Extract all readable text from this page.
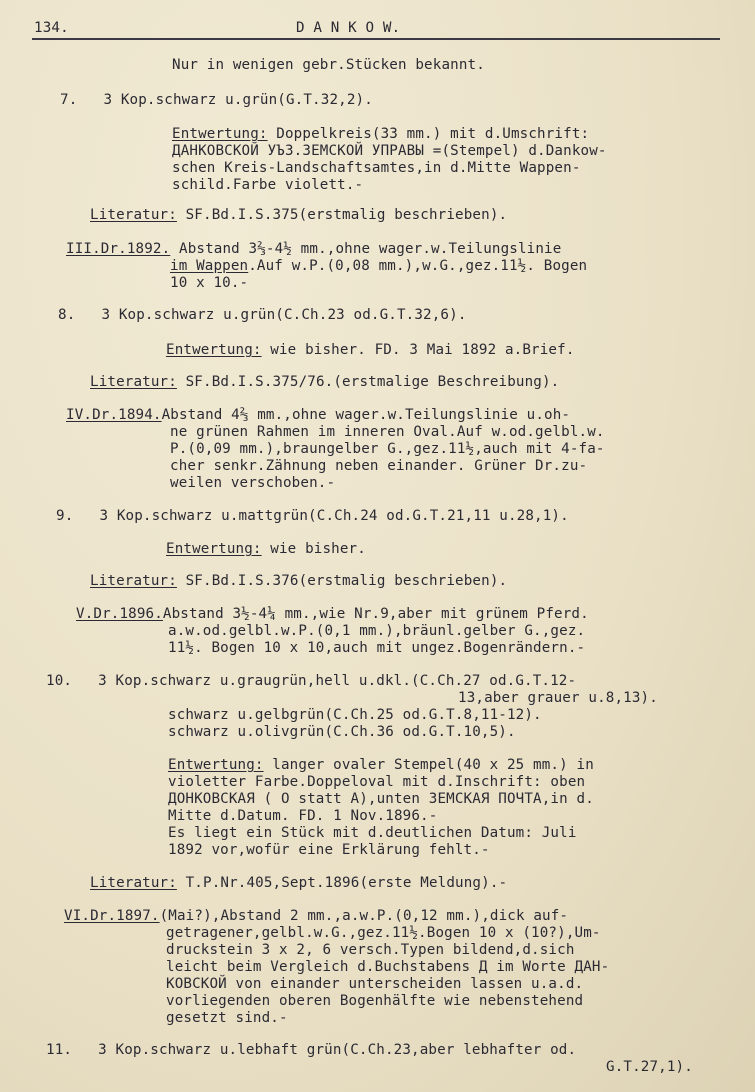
134.	D A N K O W.
Nur in wenigen gebr.Stücken bekannt.
7.   3 Kop.schwarz u.grün(G.T.32,2).
Entwertung: Doppelkreis(33 mm.) mit d.Umschrift:
ДАНКОВСКОЙ УЪЗ.ЗЕМСКОЙ УПРАВЫ =(Stempel) d.Dankow-
schen Kreis-Landschaftsamtes,in d.Mitte Wappen-
schild.Farbe violett.-
Literatur: SF.Bd.I.S.375(erstmalig beschrieben).
III.Dr.1892. Abstand 3⅔-4½ mm.,ohne wager.w.Teilungslinie
im Wappen.Auf w.P.(0,08 mm.),w.G.,gez.11½. Bogen
10 x 10.-
8.   3 Kop.schwarz u.grün(C.Ch.23 od.G.T.32,6).
Entwertung: wie bisher. FD. 3 Mai 1892 a.Brief.
Literatur: SF.Bd.I.S.375/76.(erstmalige Beschreibung).
IV.Dr.1894.Abstand 4⅔ mm.,ohne wager.w.Teilungslinie u.oh-
ne grünen Rahmen im inneren Oval.Auf w.od.gelbl.w.
P.(0,09 mm.),braungelber G.,gez.11½,auch mit 4-fa-
cher senkr.Zähnung neben einander. Grüner Dr.zu-
weilen verschoben.-
9.   3 Kop.schwarz u.mattgrün(C.Ch.24 od.G.T.21,11 u.28,1).
Entwertung: wie bisher.
Literatur: SF.Bd.I.S.376(erstmalig beschrieben).
V.Dr.1896.Abstand 3½-4¼ mm.,wie Nr.9,aber mit grünem Pferd.
a.w.od.gelbl.w.P.(0,1 mm.),bräunl.gelber G.,gez.
11½. Bogen 10 x 10,auch mit ungez.Bogenrändern.-
10.   3 Kop.schwarz u.graugrün,hell u.dkl.(C.Ch.27 od.G.T.12-
13,aber grauer u.8,13).
schwarz u.gelbgrün(C.Ch.25 od.G.T.8,11-12).
schwarz u.olivgrün(C.Ch.36 od.G.T.10,5).
Entwertung: langer ovaler Stempel(40 x 25 mm.) in
violetter Farbe.Doppeloval mit d.Inschrift: oben
ДОНКОВСКАЯ ( О statt А),unten ЗЕМСКАЯ ПОЧТА,in d.
Mitte d.Datum. FD. 1 Nov.1896.-
Es liegt ein Stück mit d.deutlichen Datum: Juli
1892 vor,wofür eine Erklärung fehlt.-
Literatur: T.P.Nr.405,Sept.1896(erste Meldung).-
VI.Dr.1897.(Mai?),Abstand 2 mm.,a.w.P.(0,12 mm.),dick auf-
getragener,gelbl.w.G.,gez.11½.Bogen 10 x (10?),Um-
druckstein 3 x 2, 6 versch.Typen bildend,d.sich
leicht beim Vergleich d.Buchstabens Д im Worte ДАН-
КОВСКОЙ von einander unterscheiden lassen u.a.d.
vorliegenden oberen Bogenhälfte wie nebenstehend
gesetzt sind.-
11.   3 Kop.schwarz u.lebhaft grün(C.Ch.23,aber lebhafter od.
G.T.27,1).
